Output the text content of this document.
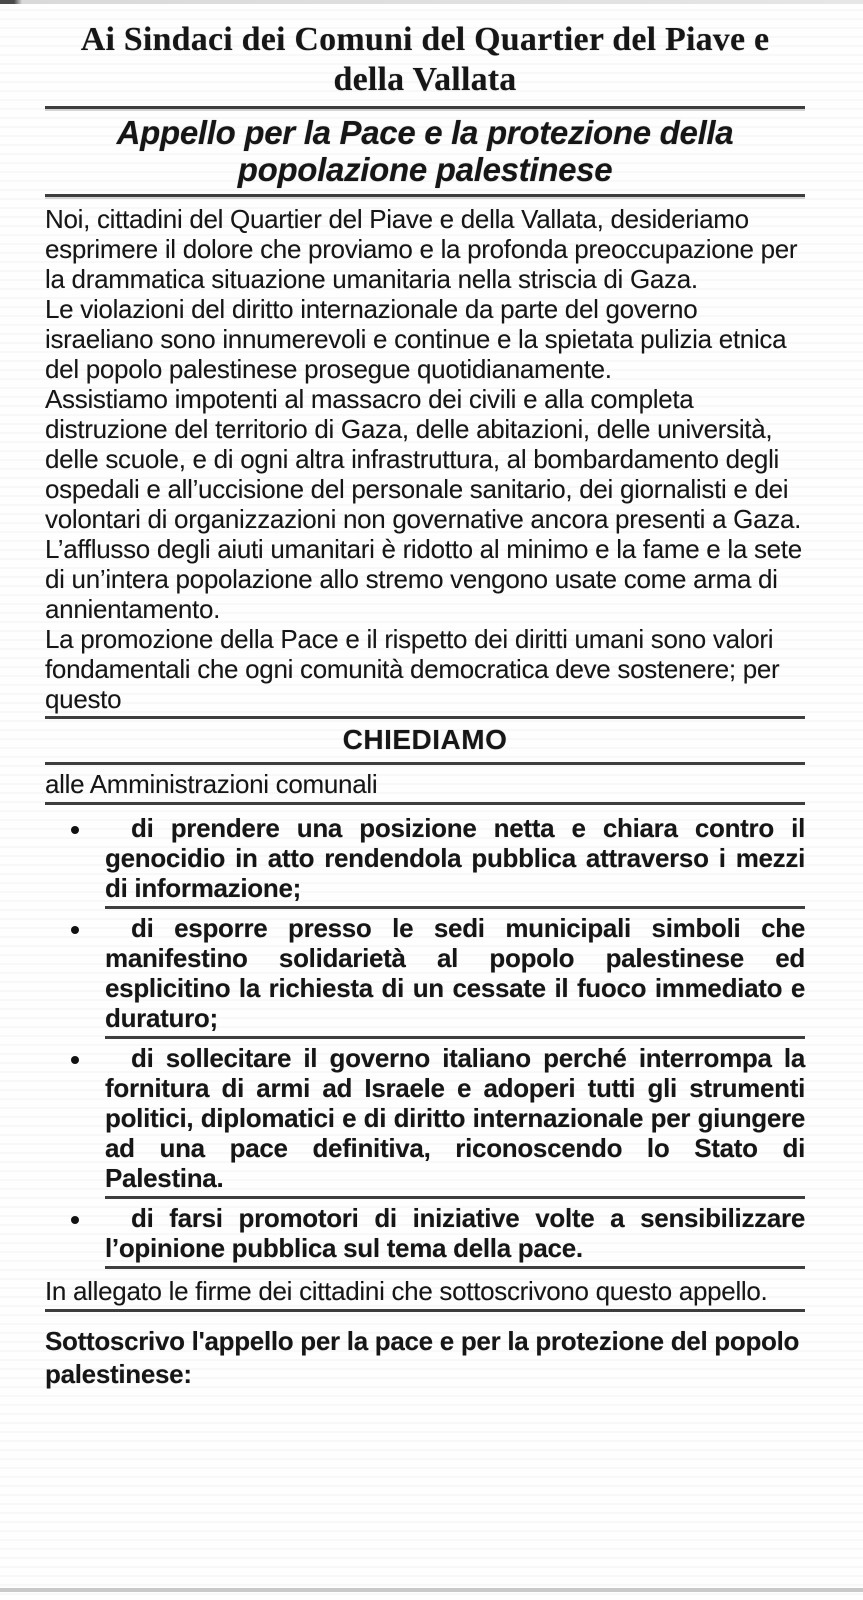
Ai Sindaci dei Comuni del Quartier del Piave e della Vallata
Appello per la Pace e la protezione della popolazione palestinese

Noi, cittadini del Quartier del Piave e della Vallata, desideriamo esprimere il dolore che proviamo e la profonda preoccupazione per la drammatica situazione umanitaria nella striscia di Gaza.

Le violazioni del diritto internazionale da parte del governo israeliano sono innumerevoli e continue e la spietata pulizia etnica del popolo palestinese prosegue quotidianamente.

Assistiamo impotenti al massacro dei civili e alla completa distruzione del territorio di Gaza, delle abitazioni, delle università, delle scuole, e di ogni altra infrastruttura, al bombardamento degli ospedali e all’uccisione del personale sanitario, dei giornalisti e dei volontari di organizzazioni non governative ancora presenti a Gaza.

L’afflusso degli aiuti umanitari è ridotto al minimo e la fame e la sete di un’intera popolazione allo stremo vengono usate come arma di annientamento.

La promozione della Pace e il rispetto dei diritti umani sono valori fondamentali che ogni comunità democratica deve sostenere; per questo

CHIEDIAMO
alle Amministrazioni comunali
di prendere una posizione netta e chiara contro il genocidio in atto rendendola pubblica attraverso i mezzi di informazione;
di esporre presso le sedi municipali simboli che manifestino solidarietà al popolo palestinese ed esplicitino la richiesta di un cessate il fuoco immediato e duraturo;
di sollecitare il governo italiano perché interrompa la fornitura di armi ad Israele e adoperi tutti gli strumenti politici, diplomatici e di diritto internazionale per giungere ad una pace definitiva, riconoscendo lo Stato di Palestina.
di farsi promotori di iniziative volte a sensibilizzare l’opinione pubblica sul tema della pace.
In allegato le firme dei cittadini che sottoscrivono questo appello.
Sottoscrivo l'appello per la pace e per la protezione del popolo palestinese:
